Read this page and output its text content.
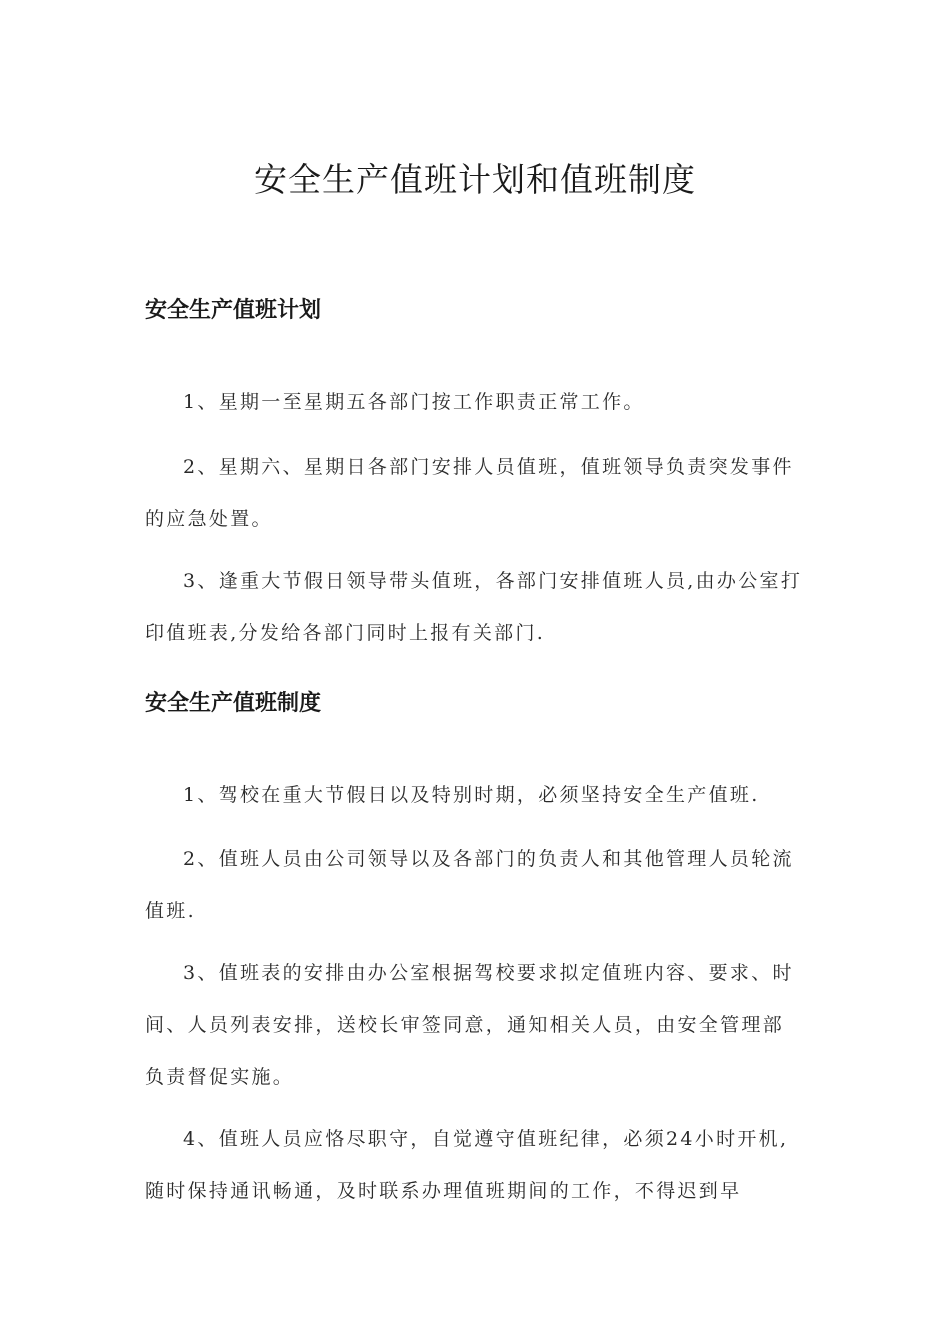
安全生产值班计划和值班制度
安全生产值班计划

1、星期一至星期五各部门按工作职责正常工作。

2、星期六、星期日各部门安排人员值班，值班领导负责突发事件的应急处置。

3、逢重大节假日领导带头值班，各部门安排值班人员,由办公室打印值班表,分发给各部门同时上报有关部门.

安全生产值班制度

1、驾校在重大节假日以及特别时期，必须坚持安全生产值班.

2、值班人员由公司领导以及各部门的负责人和其他管理人员轮流值班.

3、值班表的安排由办公室根据驾校要求拟定值班内容、要求、时间、人员列表安排，送校长审签同意，通知相关人员，由安全管理部负责督促实施。

4、值班人员应恪尽职守，自觉遵守值班纪律，必须24小时开机,随时保持通讯畅通，及时联系办理值班期间的工作，不得迟到早
